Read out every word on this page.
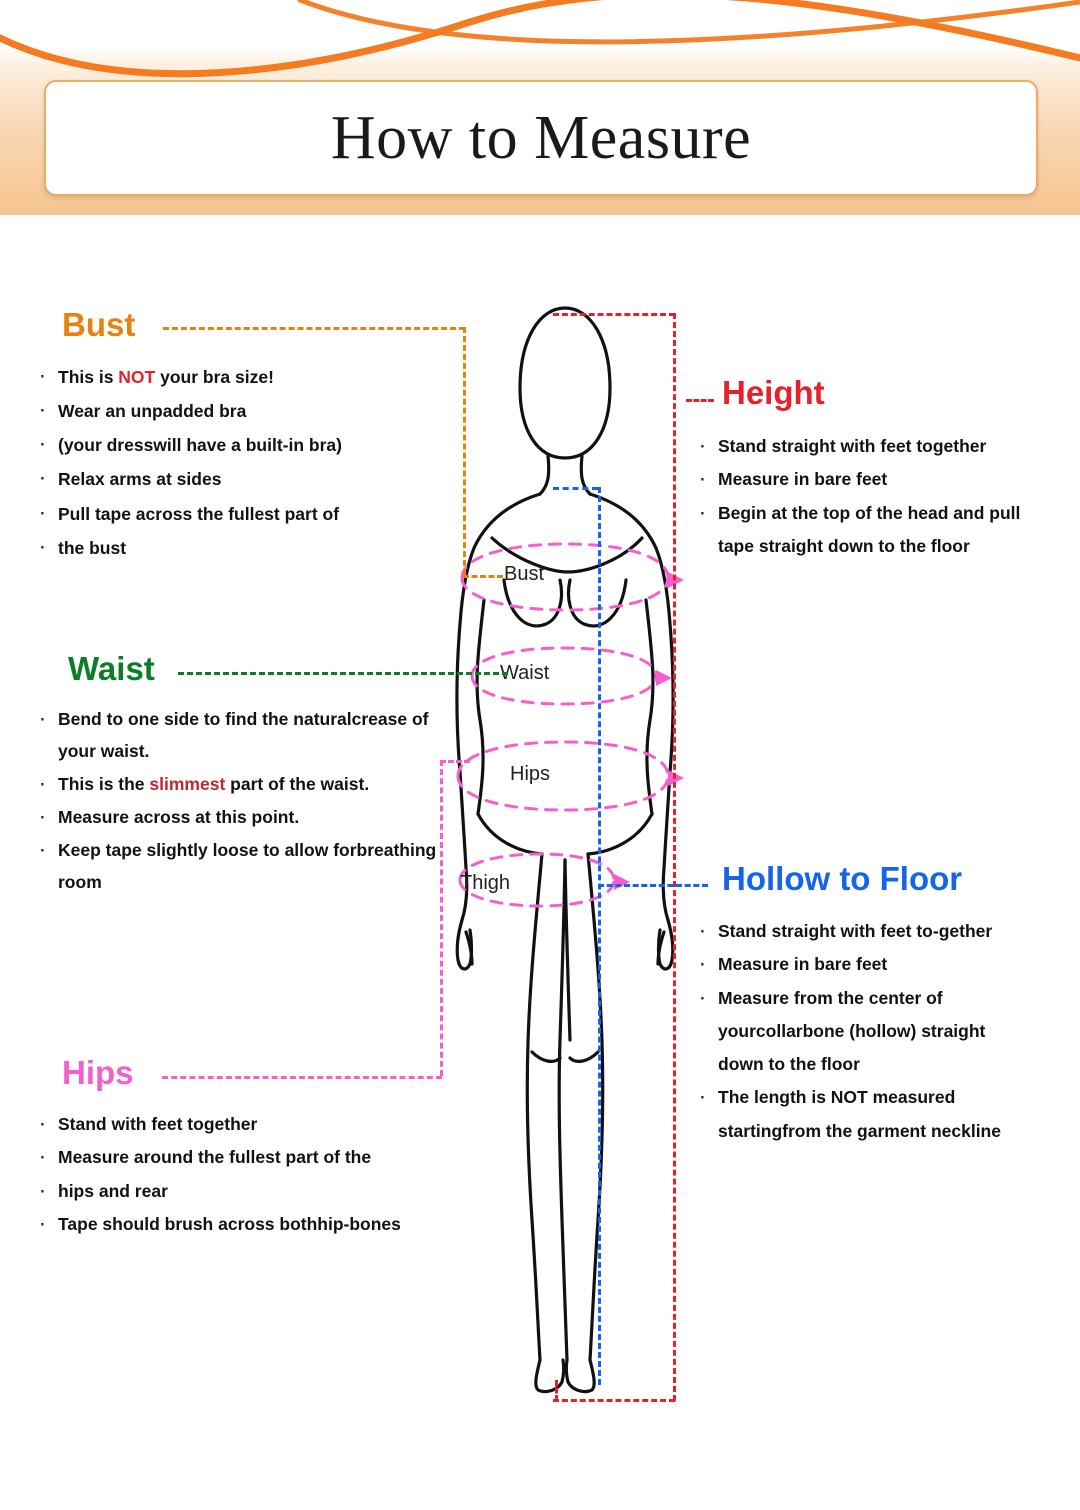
How to Measure
Bust
Waist
Hips
Thigh
Bust
· This is NOT your bra size!
· Wear an unpadded bra
· (your dresswill have a built-in bra)
· Relax arms at sides
· Pull tape across the fullest part of
· the bust
Waist
· Bend to one side to find the naturalcrease of your waist.
· This is the slimmest part of the waist.
· Measure across at this point.
· Keep tape slightly loose to allow forbreathing room
Hips
· Stand with feet together
· Measure around the fullest part of the
· hips and rear
· Tape should brush across bothhip-bones
Height
· Stand straight with feet together
· Measure in bare feet
· Begin at the top of the head and pull tape straight down to the floor
Hollow to Floor
· Stand straight with feet to-gether
· Measure in bare feet
· Measure from the center of yourcollarbone (hollow) straight down to the floor
· The length is NOT measured startingfrom the garment neckline
